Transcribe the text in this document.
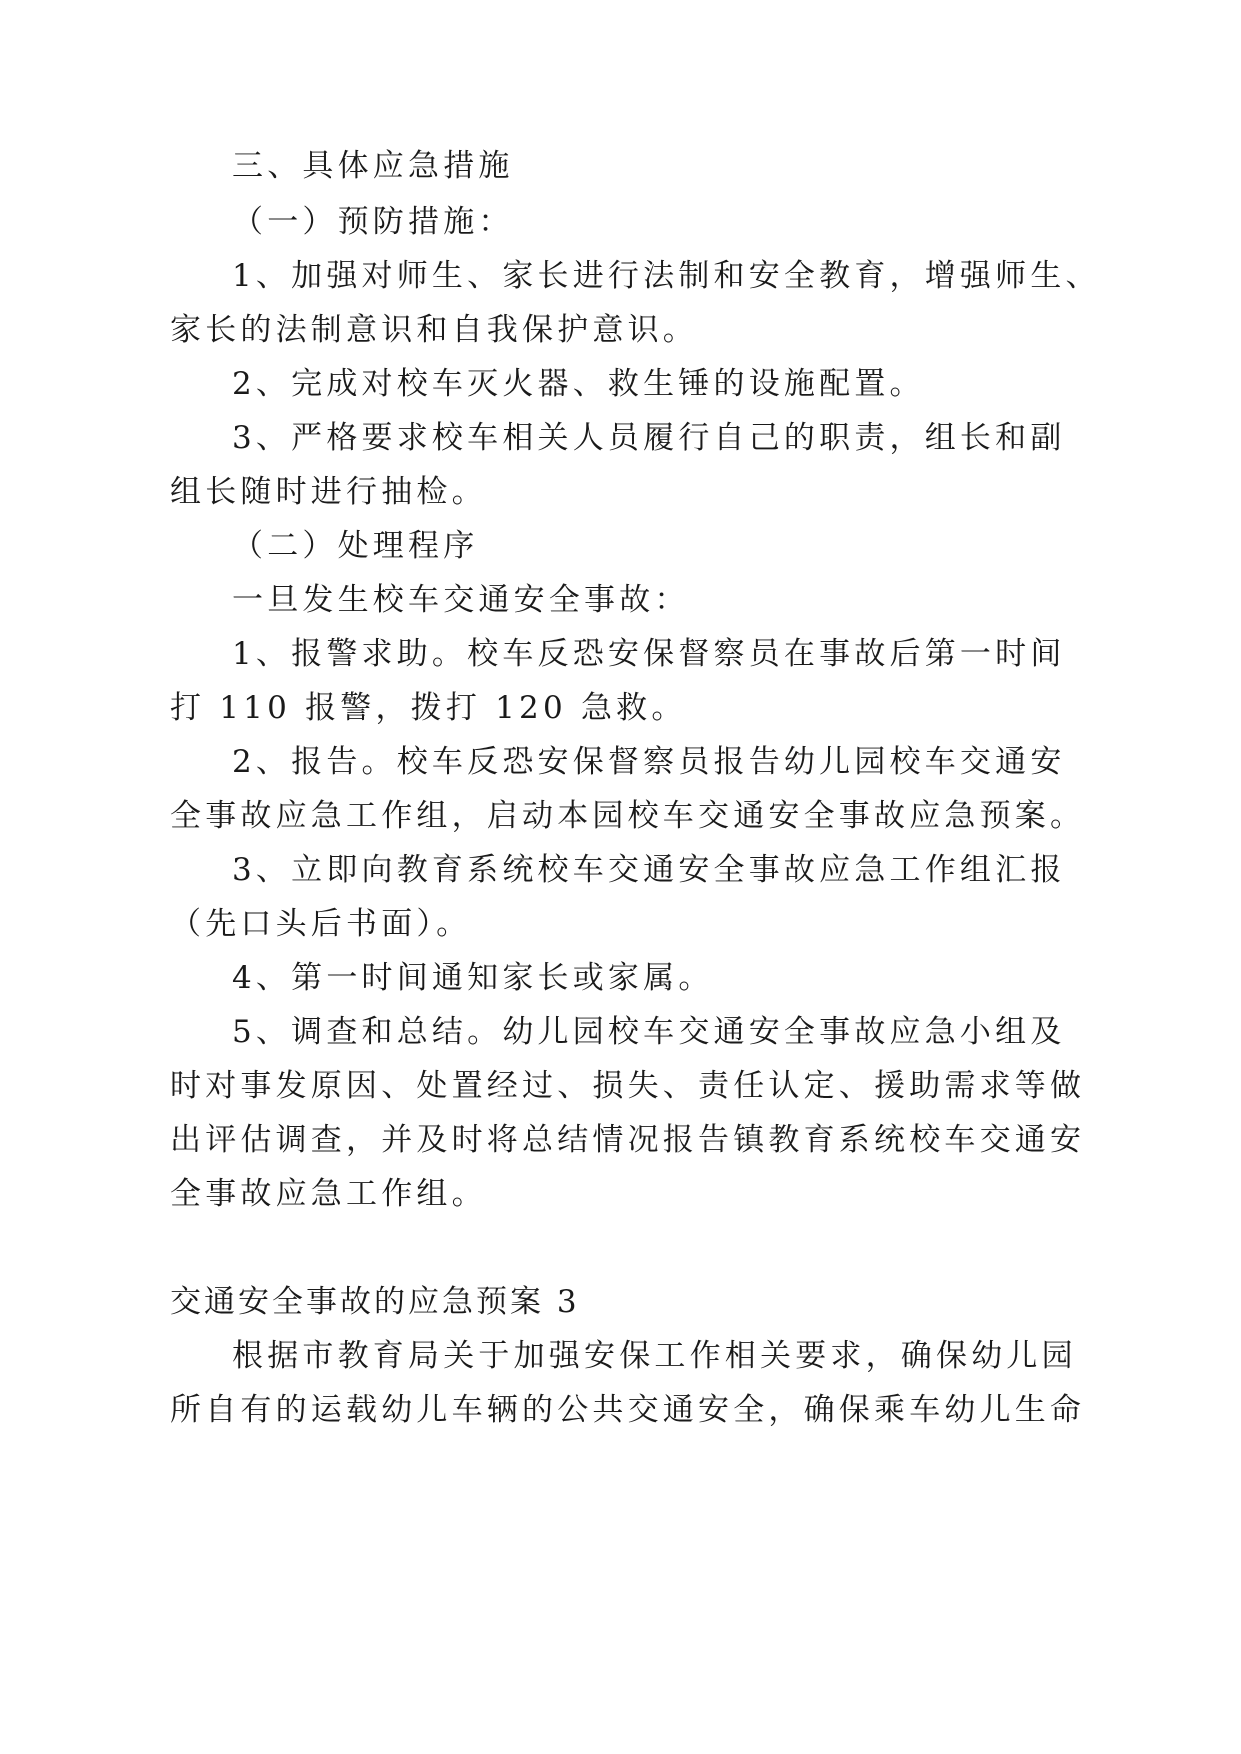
三、具体应急措施

（一）预防措施：

1、加强对师生、家长进行法制和安全教育，增强师生、

家长的法制意识和自我保护意识。

2、完成对校车灭火器、救生锤的设施配置。

3、严格要求校车相关人员履行自己的职责，组长和副

组长随时进行抽检。

（二）处理程序

一旦发生校车交通安全事故：

1、报警求助。校车反恐安保督察员在事故后第一时间

打 110 报警，拨打 120 急救。

2、报告。校车反恐安保督察员报告幼儿园校车交通安

全事故应急工作组，启动本园校车交通安全事故应急预案。

3、立即向教育系统校车交通安全事故应急工作组汇报

（先口头后书面）。

4、第一时间通知家长或家属。

5、调查和总结。幼儿园校车交通安全事故应急小组及

时对事发原因、处置经过、损失、责任认定、援助需求等做

出评估调查，并及时将总结情况报告镇教育系统校车交通安

全事故应急工作组。

交通安全事故的应急预案 3

根据市教育局关于加强安保工作相关要求，确保幼儿园

所自有的运载幼儿车辆的公共交通安全，确保乘车幼儿生命
